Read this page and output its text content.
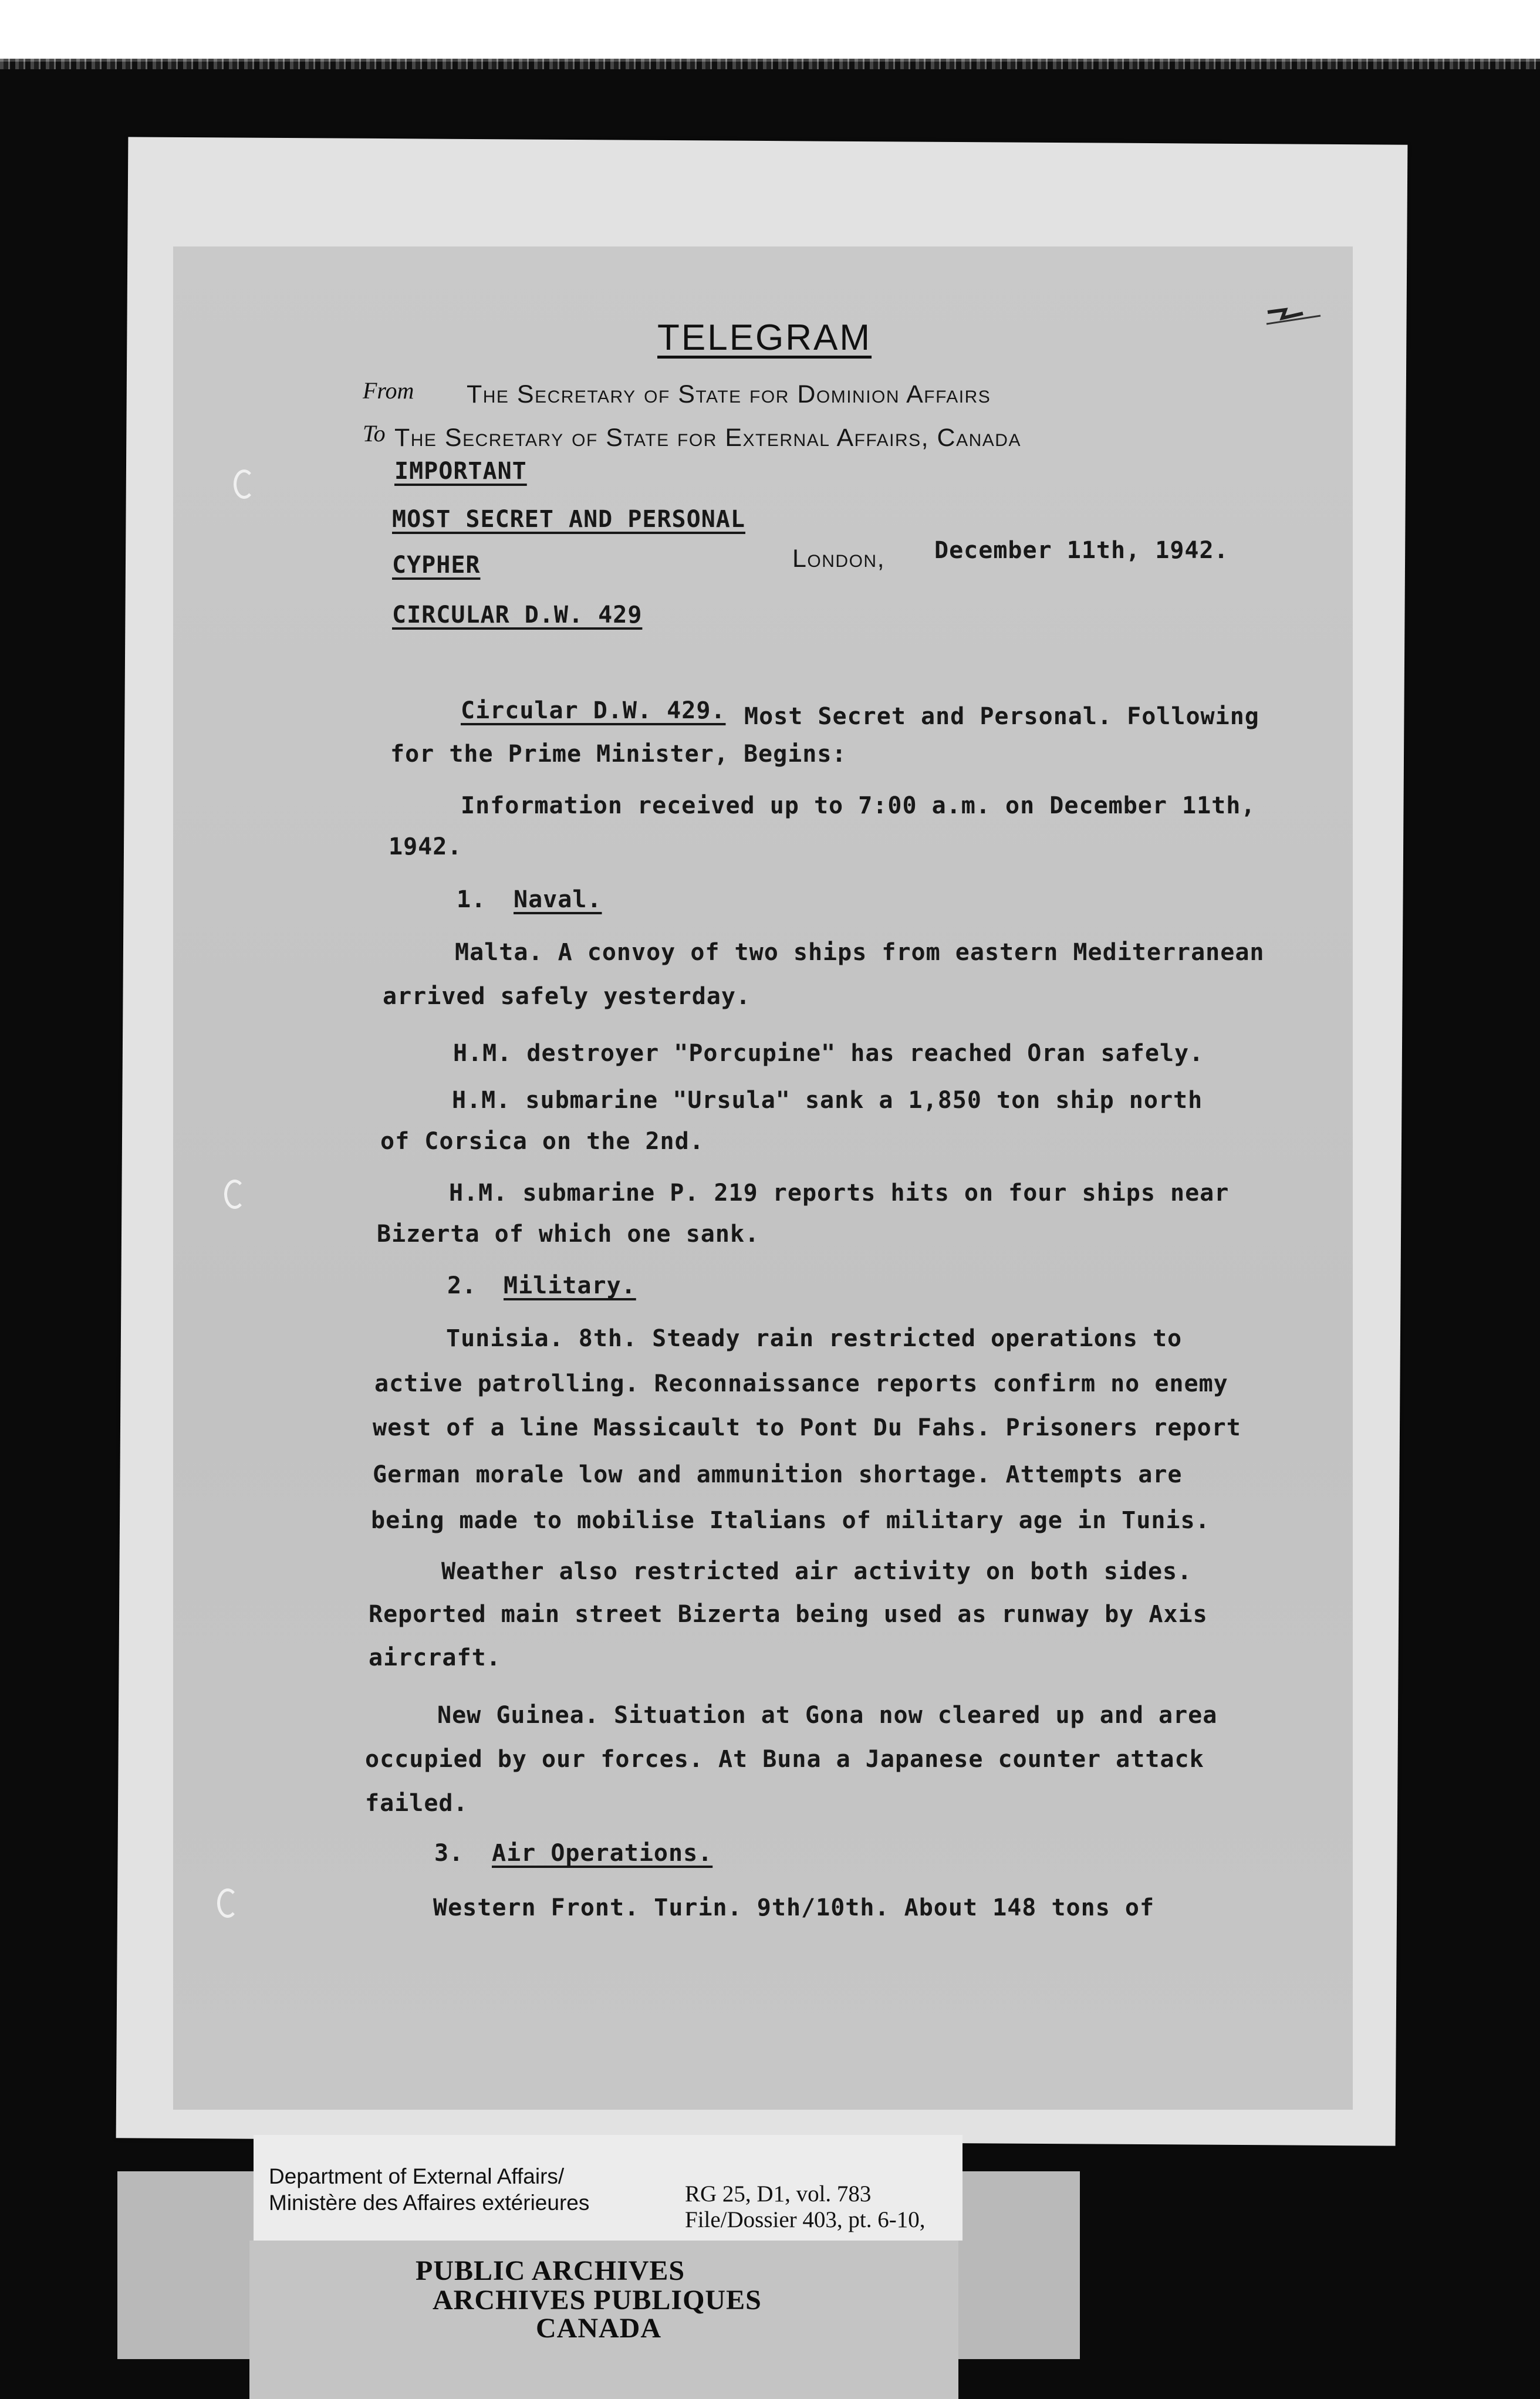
TELEGRAM
From The Secretary of State for Dominion Affairs
To The Secretary of State for External Affairs, Canada
IMPORTANT
MOST SECRET AND PERSONAL
CYPHER
CIRCULAR D.W. 429
London, December 11th, 1942.
Circular D.W. 429. Most Secret and Personal. Following
for the Prime Minister, Begins:
Information received up to 7:00 a.m. on December 11th,
1942.
1. Naval.
Malta. A convoy of two ships from eastern Mediterranean
arrived safely yesterday.
H.M. destroyer "Porcupine" has reached Oran safely.
H.M. submarine "Ursula" sank a 1,850 ton ship north
of Corsica on the 2nd.
H.M. submarine P. 219 reports hits on four ships near
Bizerta of which one sank.
2. Military.
Tunisia. 8th. Steady rain restricted operations to
active patrolling. Reconnaissance reports confirm no enemy
west of a line Massicault to Pont Du Fahs. Prisoners report
German morale low and ammunition shortage. Attempts are
being made to mobilise Italians of military age in Tunis.
Weather also restricted air activity on both sides.
Reported main street Bizerta being used as runway by Axis
aircraft.
New Guinea. Situation at Gona now cleared up and area
occupied by our forces. At Buna a Japanese counter attack
failed.
3. Air Operations.
Western Front. Turin. 9th/10th. About 148 tons of
PUBLIC ARCHIVES
ARCHIVES PUBLIQUES
CANADA
Department of External Affairs/
Ministère des Affaires extérieures	RG 25, D1, vol. 783
File/Dossier 403, pt. 6-10,
